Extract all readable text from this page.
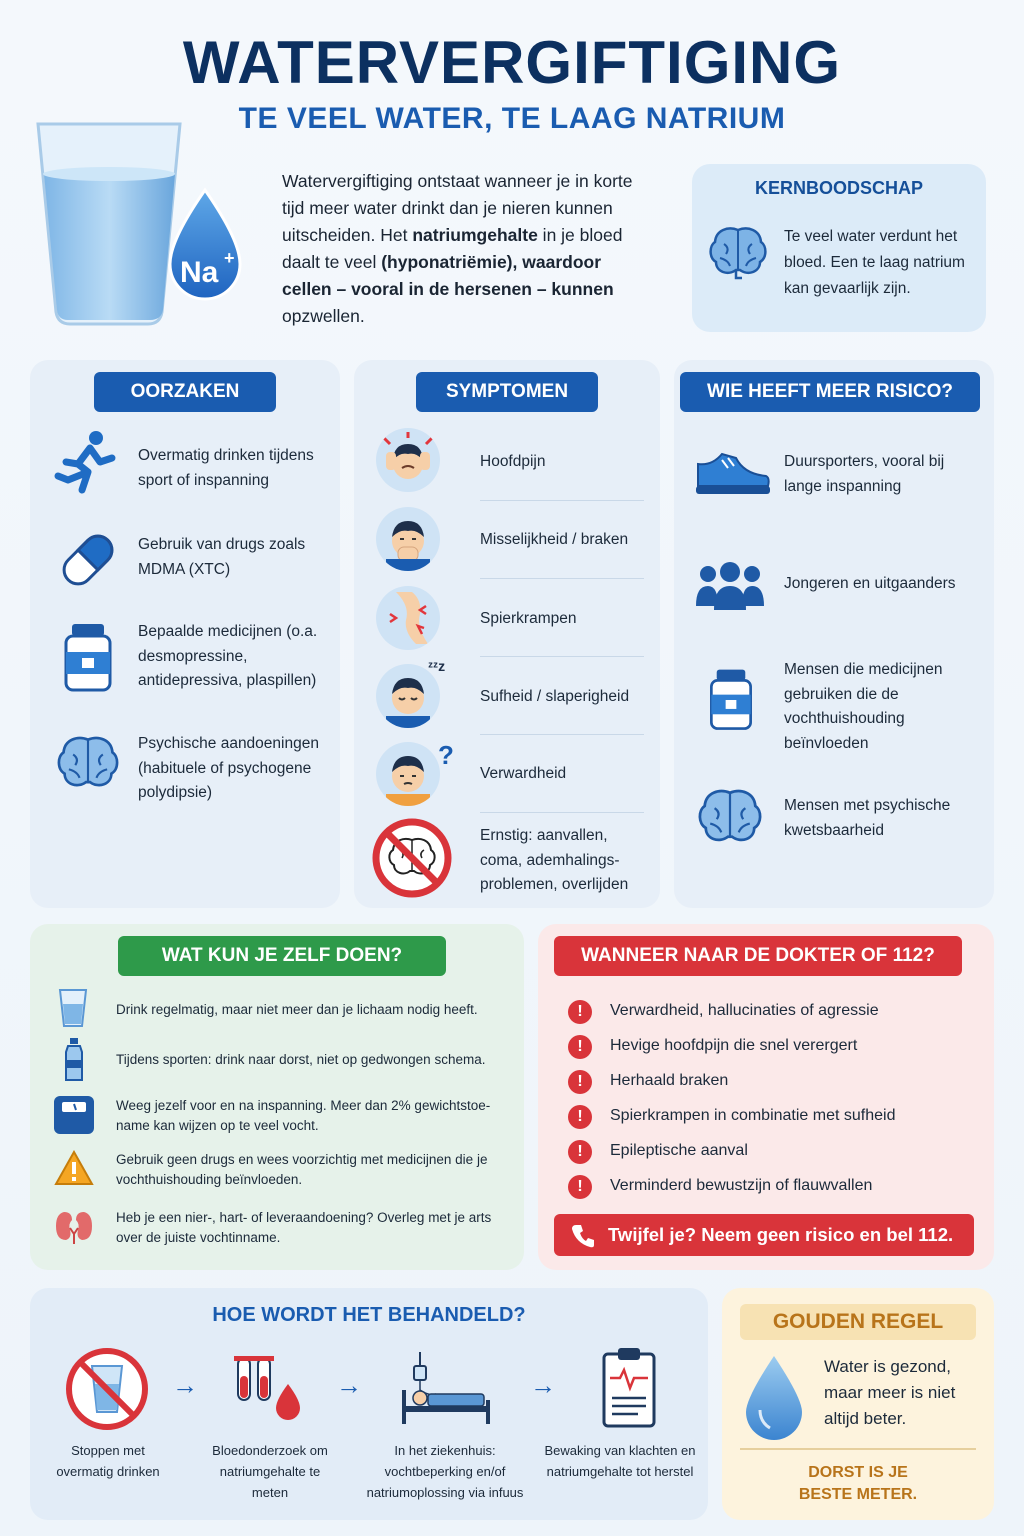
WATERVERGIFTIGING
TE VEEL WATER, TE LAAG NATRIUM
Na +
Watervergiftiging ontstaat wanneer je in korte tijd meer water drinkt dan je nieren kunnen uitscheiden. Het natriumgehalte in je bloed daalt te veel (hyponatriëmie), waardoor cellen – vooral in de hersenen – kunnen opzwellen.
KERNBOODSCHAP
Te veel water verdunt het bloed. Een te laag natrium kan gevaarlijk zijn.
OORZAKEN
Overmatig drinken tijdens sport of inspanning
Gebruik van drugs zoals MDMA (XTC)
Bepaalde medicijnen (o.a. desmopressine, antidepressiva, plaspillen)
Psychische aandoeningen (habituele of psychogene polydipsie)
SYMPTOMEN
Hoofdpijn
Misselijkheid / braken
Spierkrampen
ᶻᶻz
Sufheid / slaperigheid
?
Verwardheid
Ernstig: aanvallen, coma, ademhalings-problemen, overlijden
WIE HEEFT MEER RISICO?
Duursporters, vooral bij lange inspanning
Jongeren en uitgaanders
Mensen die medicijnen gebruiken die de vochthuishouding beïnvloeden
Mensen met psychische kwetsbaarheid
WAT KUN JE ZELF DOEN?
Drink regelmatig, maar niet meer dan je lichaam nodig heeft.
Tijdens sporten: drink naar dorst, niet op gedwongen schema.
Weeg jezelf voor en na inspanning. Meer dan 2% gewichtstoe-name kan wijzen op te veel vocht.
Gebruik geen drugs en wees voorzichtig met medicijnen die je vochthuishouding beïnvloeden.
Heb je een nier-, hart- of leveraandoening? Overleg met je arts over de juiste vochtinname.
WANNEER NAAR DE DOKTER OF 112?
!	Verwardheid, hallucinaties of agressie
!	Hevige hoofdpijn die snel verergert
!	Herhaald braken
!	Spierkrampen in combinatie met sufheid
!	Epileptische aanval
!	Verminderd bewustzijn of flauwvallen
Twijfel je? Neem geen risico en bel 112.
HOE WORDT HET BEHANDELD?
Stoppen met overmatig drinken
→
Bloedonderzoek om natriumgehalte te meten
→
In het ziekenhuis: vochtbeperking en/of natriumoplossing via infuus
→
Bewaking van klachten en natriumgehalte tot herstel
GOUDEN REGEL
Water is gezond, maar meer is niet altijd beter.
DORST IS JE BESTE METER.
